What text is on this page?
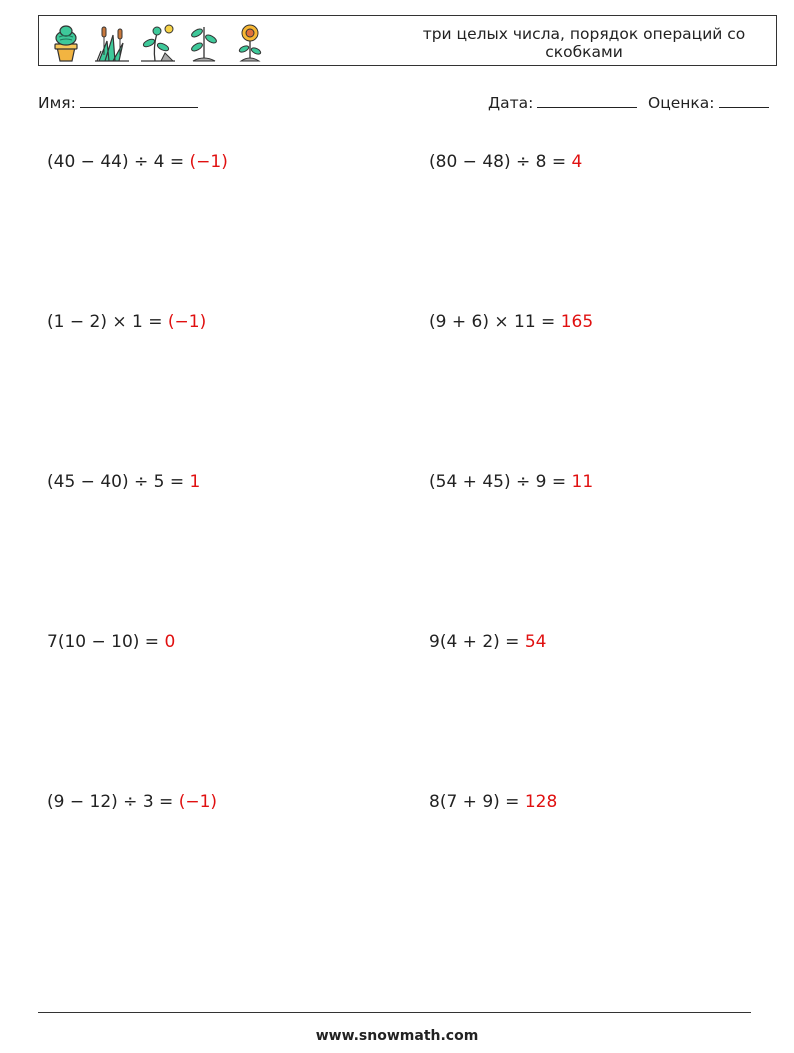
три целых числа, порядок операций со скобками
Имя:	Дата:	Оценка:
(40 − 44) ÷ 4 = (−1)	(80 − 48) ÷ 8 = 4
(1 − 2) × 1 = (−1)	(9 + 6) × 11 = 165
(45 − 40) ÷ 5 = 1	(54 + 45) ÷ 9 = 11
7(10 − 10) = 0	9(4 + 2) = 54
(9 − 12) ÷ 3 = (−1)	8(7 + 9) = 128
www.snowmath.com
